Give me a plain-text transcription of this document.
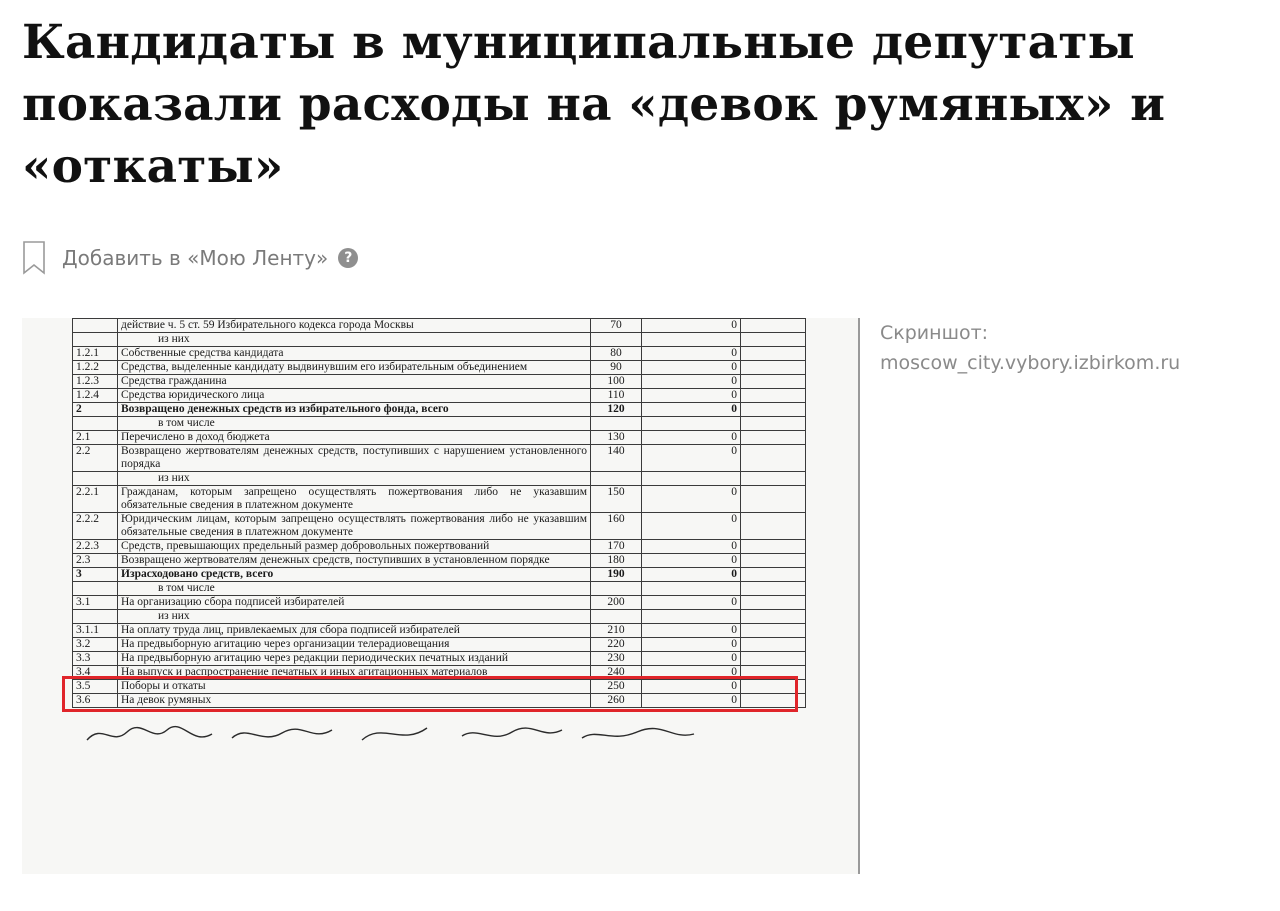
Кандидаты в муниципальные депутаты показали расходы на «девок румяных» и «откаты»
Добавить в «Мою Ленту»	?
	действие ч. 5 ст. 59 Избирательного кодекса города Москвы	70	0	
	из них			
1.2.1	Собственные средства кандидата	80	0	
1.2.2	Средства, выделенные кандидату выдвинувшим его избирательным объединением	90	0	
1.2.3	Средства гражданина	100	0	
1.2.4	Средства юридического лица	110	0	
2	Возвращено денежных средств из избирательного фонда, всего	120	0	
	в том числе			
2.1	Перечислено в доход бюджета	130	0	
2.2	Возвращено жертвователям денежных средств, поступивших с нарушением установленного порядка	140	0	
	из них			
2.2.1	Гражданам, которым запрещено осуществлять пожертвования либо не указавшим обязательные сведения в платежном документе	150	0	
2.2.2	Юридическим лицам, которым запрещено осуществлять пожертвования либо не указавшим обязательные сведения в платежном документе	160	0	
2.2.3	Средств, превышающих предельный размер добровольных пожертвований	170	0	
2.3	Возвращено жертвователям денежных средств, поступивших в установленном порядке	180	0	
3	Израсходовано средств, всего	190	0	
	в том числе			
3.1	На организацию сбора подписей избирателей	200	0	
	из них			
3.1.1	На оплату труда лиц, привлекаемых для сбора подписей избирателей	210	0	
3.2	На предвыборную агитацию через организации телерадиовещания	220	0	
3.3	На предвыборную агитацию через редакции периодических печатных изданий	230	0	
3.4	На выпуск и распространение печатных и иных агитационных материалов	240	0	
3.5	Поборы и откаты	250	0	
3.6	На девок румяных	260	0	
Скриншот:
moscow_city.vybory.izbirkom.ru
